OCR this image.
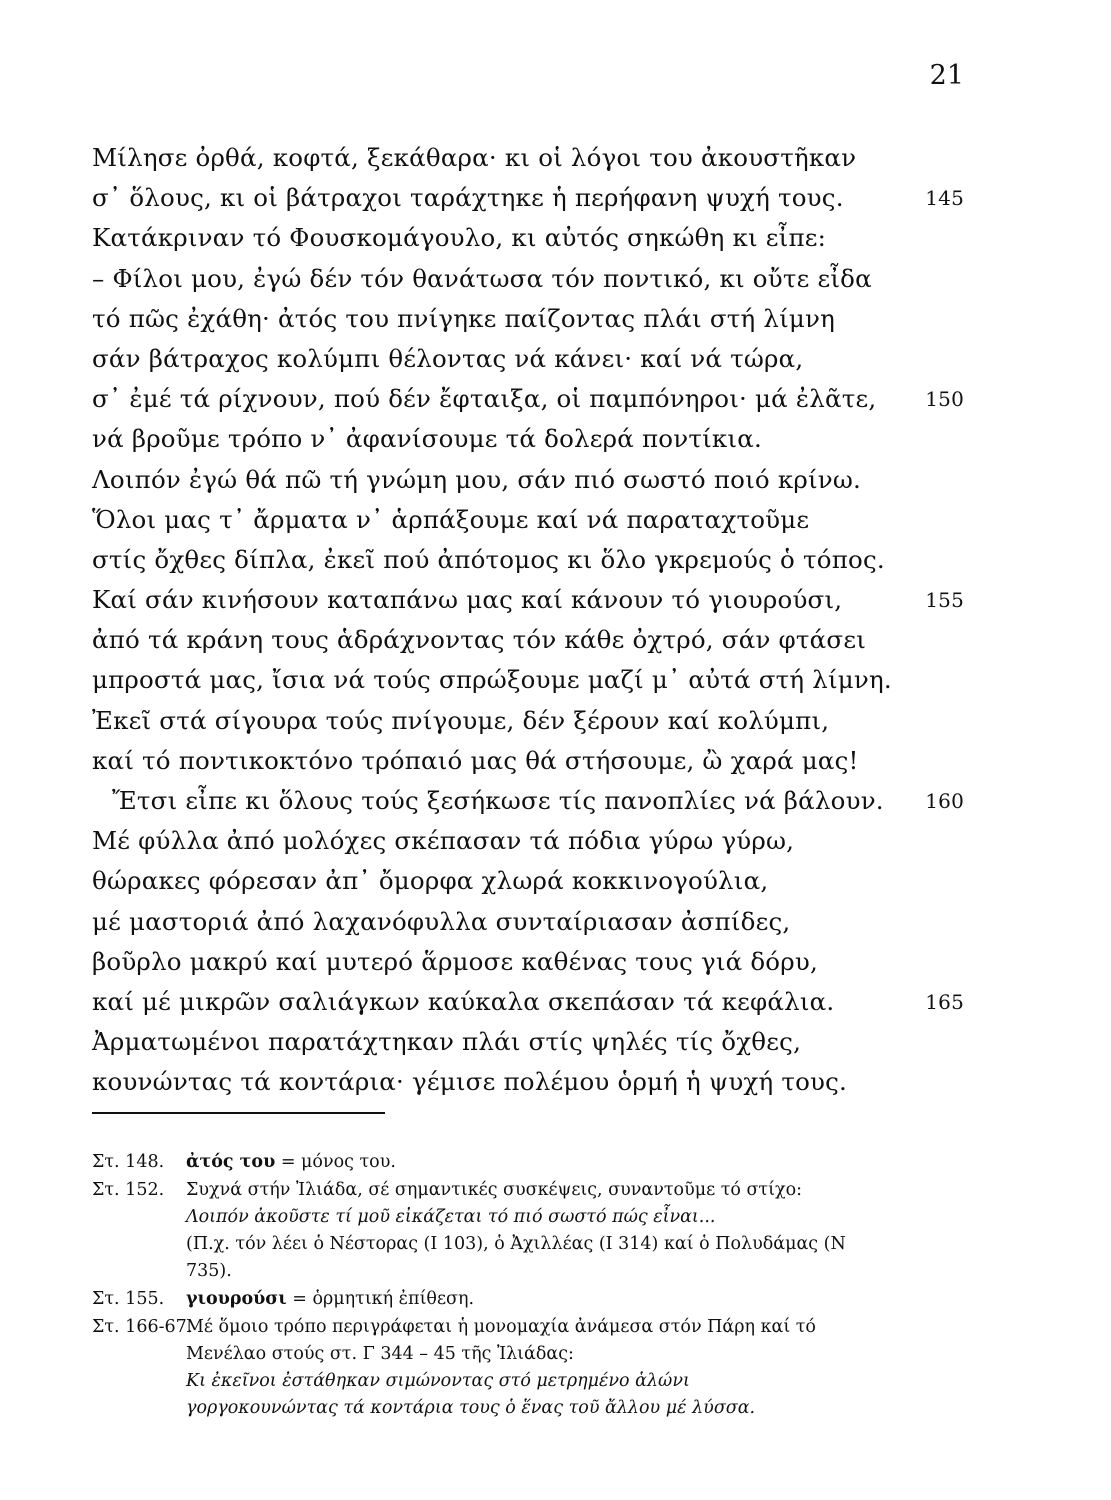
21
Μίλησε ὀρθά, κοφτά, ξεκάθαρα· κι οἱ λόγοι του ἀκουστῆκαν
σ᾽ ὅλους, κι οἱ βάτραχοι ταράχτηκε ἡ περήφανη ψυχή τους.	145
Κατάκριναν τό Φουσκομάγουλο, κι αὐτός σηκώθη κι εἶπε:
– Φίλοι μου, ἐγώ δέν τόν θανάτωσα τόν ποντικό, κι οὔτε εἶδα
τό πῶς ἐχάθη· ἀτός του πνίγηκε παίζοντας πλάι στή λίμνη
σάν βάτραχος κολύμπι θέλοντας νά κάνει· καί νά τώρα,
σ᾽ ἐμέ τά ρίχνουν, πού δέν ἔφταιξα, οἱ παμπόνηροι· μά ἐλᾶτε,	150
νά βροῦμε τρόπο ν᾽ ἀφανίσουμε τά δολερά ποντίκια.
Λοιπόν ἐγώ θά πῶ τή γνώμη μου, σάν πιό σωστό ποιό κρίνω.
Ὅλοι μας τ᾽ ἄρματα ν᾽ ἁρπάξουμε καί νά παραταχτοῦμε
στίς ὄχθες δίπλα, ἐκεῖ πού ἀπότομος κι ὅλο γκρεμούς ὁ τόπος.
Καί σάν κινήσουν καταπάνω μας καί κάνουν τό γιουρούσι,	155
ἀπό τά κράνη τους ἁδράχνοντας τόν κάθε ὀχτρό, σάν φτάσει
μπροστά μας, ἴσια νά τούς σπρώξουμε μαζί μ᾽ αὐτά στή λίμνη.
Ἐκεῖ στά σίγουρα τούς πνίγουμε, δέν ξέρουν καί κολύμπι,
καί τό ποντικοκτόνο τρόπαιό μας θά στήσουμε, ὢ χαρά μας!
Ἔτσι εἶπε κι ὅλους τούς ξεσήκωσε τίς πανοπλίες νά βάλουν.	160
Μέ φύλλα ἀπό μολόχες σκέπασαν τά πόδια γύρω γύρω,
θώρακες φόρεσαν ἀπ᾽ ὄμορφα χλωρά κοκκινογούλια,
μέ μαστοριά ἀπό λαχανόφυλλα συνταίριασαν ἀσπίδες,
βοῦρλο μακρύ καί μυτερό ἅρμοσε καθένας τους γιά δόρυ,
καί μέ μικρῶν σαλιάγκων καύκαλα σκεπάσαν τά κεφάλια.	165
Ἀρματωμένοι παρατάχτηκαν πλάι στίς ψηλές τίς ὄχθες,
κουνώντας τά κοντάρια· γέμισε πολέμου ὁρμή ἡ ψυχή τους.
Στ. 148. ἀτός του = μόνος του.
Στ. 152. Συχνά στήν Ἰλιάδα, σέ σημαντικές συσκέψεις, συναντοῦμε τό στίχο:
Λοιπόν ἀκοῦστε τί μοῦ εἰκάζεται τό πιό σωστό πώς εἶναι...
(Π.χ. τόν λέει ὁ Νέστορας (Ι 103), ὁ Ἀχιλλέας (Ι 314) καί ὁ Πολυδάμας (Ν
735).
Στ. 155. γιουρούσι = ὁρμητική ἐπίθεση.
Στ. 166-67.Μέ ὅμοιο τρόπο περιγράφεται ἡ μονομαχία ἀνάμεσα στόν Πάρη καί τό
Μενέλαο στούς στ. Γ 344 – 45 τῆς Ἰλιάδας:
Κι ἐκεῖνοι ἐστάθηκαν σιμώνοντας στό μετρημένο ἁλώνι
γοργοκουνώντας τά κοντάρια τους ὁ ἕνας τοῦ ἄλλου μέ λύσσα.
